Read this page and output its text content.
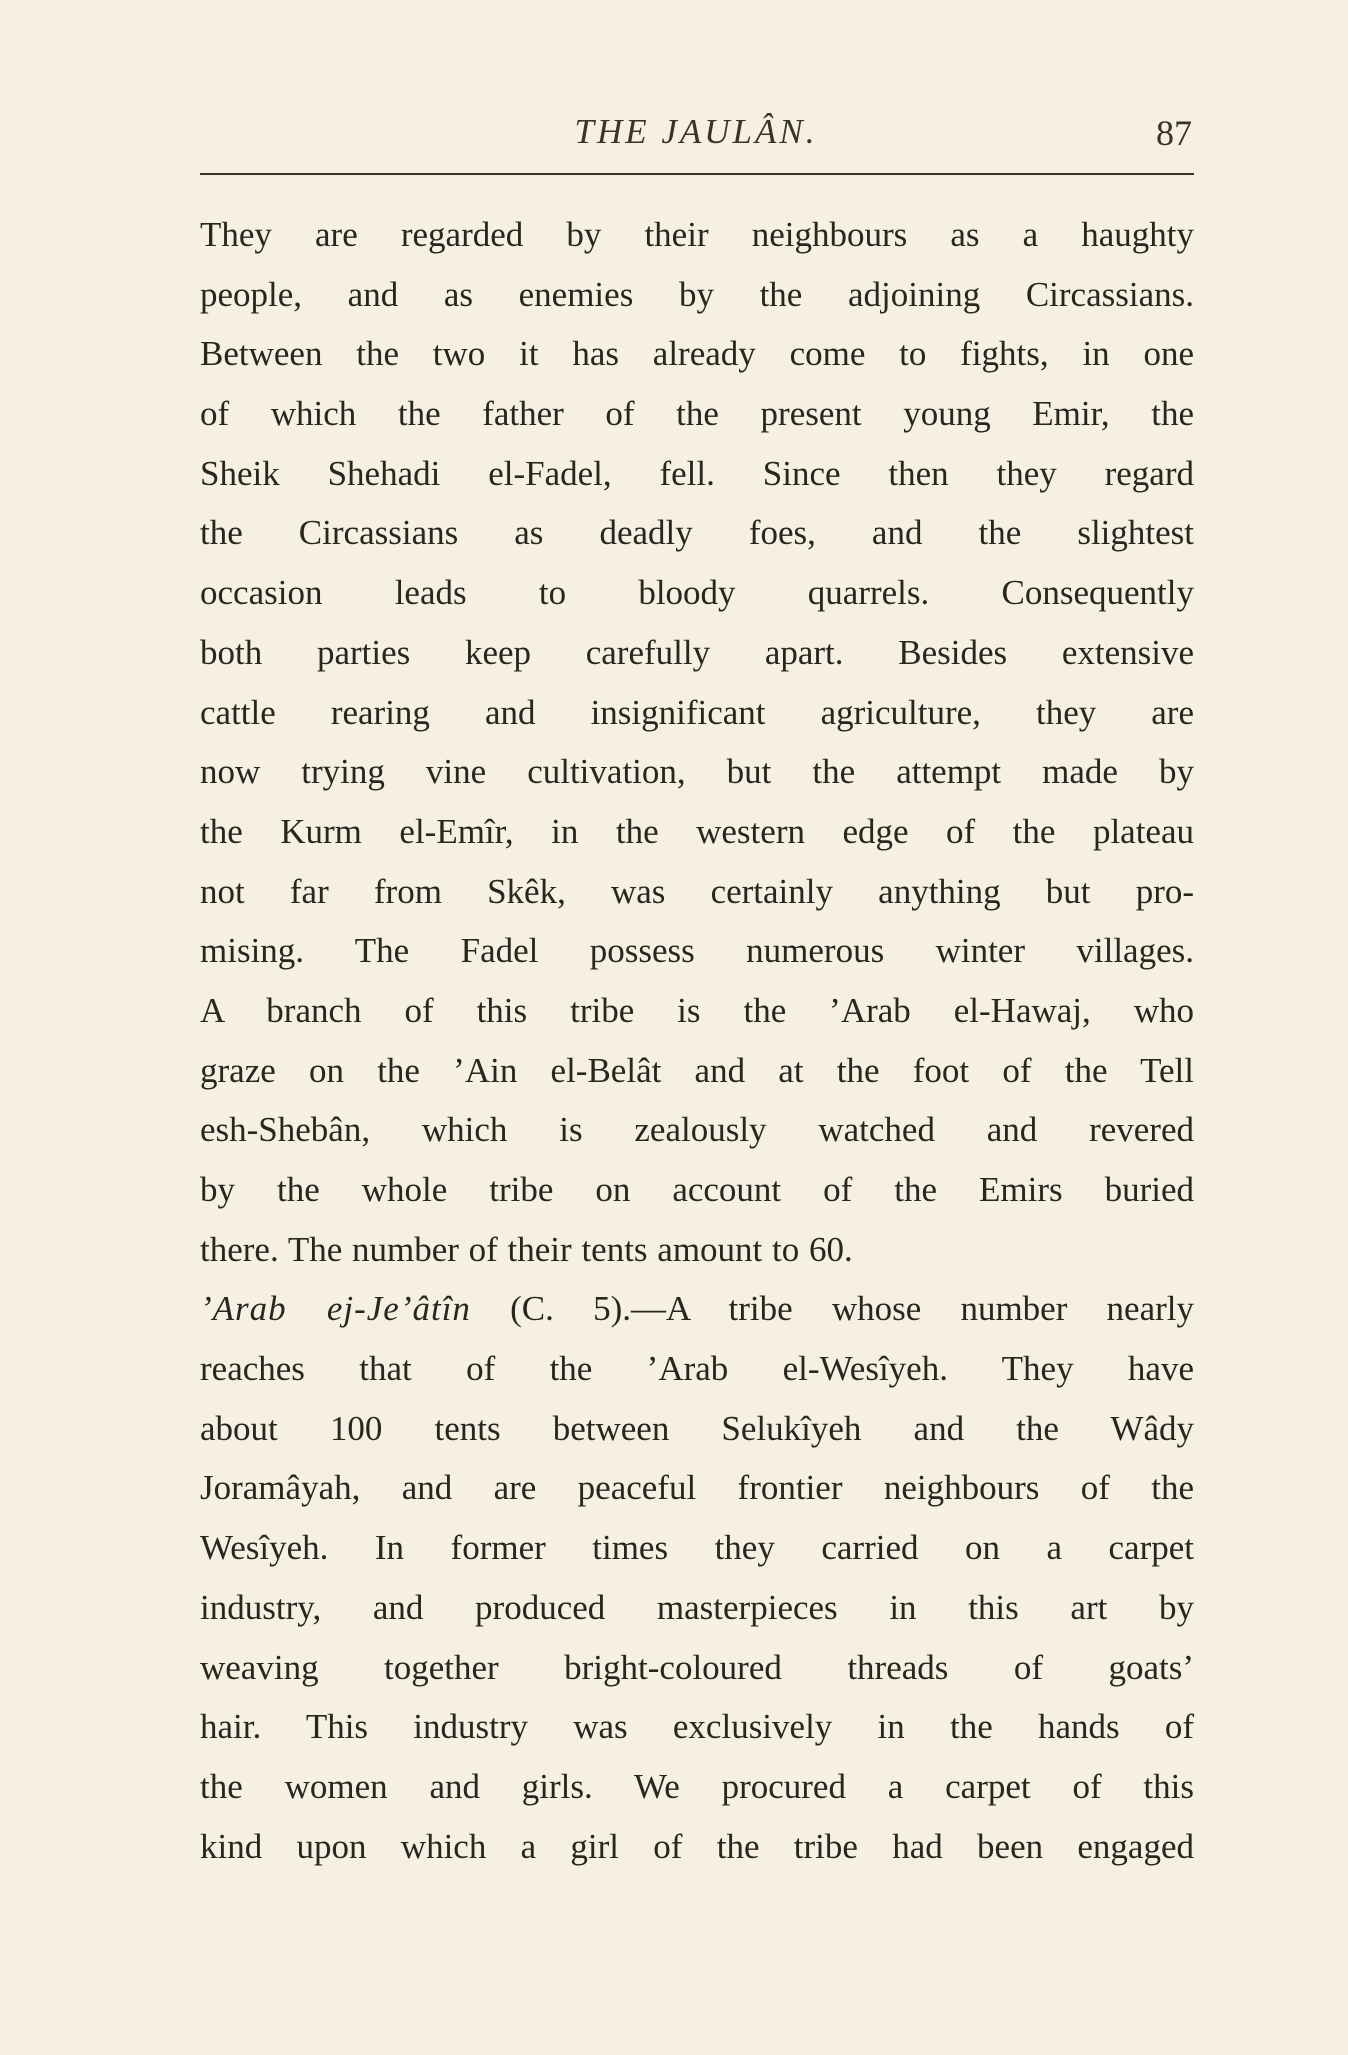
THE JAULÂN.	87
They are regarded by their neighbours as a haughty
people, and as enemies by the adjoining Circassians.
Between the two it has already come to fights, in one
of which the father of the present young Emir, the
Sheik Shehadi el-Fadel, fell. Since then they regard
the Circassians as deadly foes, and the slightest
occasion leads to bloody quarrels. Consequently
both parties keep carefully apart. Besides extensive
cattle rearing and insignificant agriculture, they are
now trying vine cultivation, but the attempt made by
the Kurm el-Emîr, in the western edge of the plateau
not far from Skêk, was certainly anything but pro-
mising. The Fadel possess numerous winter villages.
A branch of this tribe is the ’Arab el-Hawaj, who
graze on the ’Ain el-Belât and at the foot of the Tell
esh-Shebân, which is zealously watched and revered
by the whole tribe on account of the Emirs buried
there. The number of their tents amount to 60.
’Arab ej-Je’âtîn (C. 5).—A tribe whose number nearly
reaches that of the ’Arab el-Wesîyeh. They have
about 100 tents between Selukîyeh and the Wâdy
Joramâyah, and are peaceful frontier neighbours of the
Wesîyeh. In former times they carried on a carpet
industry, and produced masterpieces in this art by
weaving together bright-coloured threads of goats’
hair. This industry was exclusively in the hands of
the women and girls. We procured a carpet of this
kind upon which a girl of the tribe had been engaged
